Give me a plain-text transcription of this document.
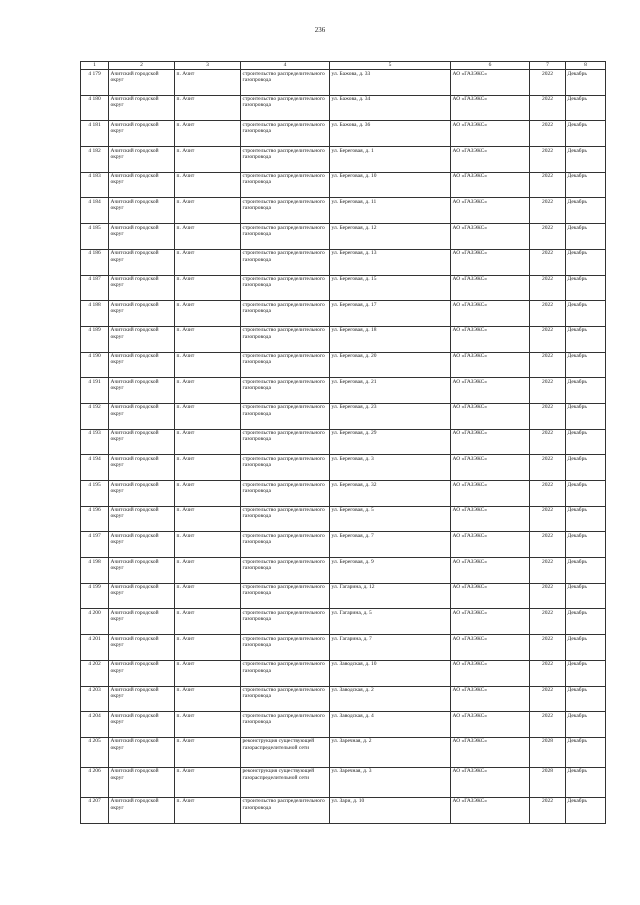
236
1	2	3	4	5	6	7	8
4 179	Ачитский городской округ	п. Ачит	строительство распределительного газопровода	ул. Бажова, д. 33	АО «ГАЗЭКС»	2022	Декабрь
4 180	Ачитский городской округ	п. Ачит	строительство распределительного газопровода	ул. Бажова, д. 34	АО «ГАЗЭКС»	2022	Декабрь
4 181	Ачитский городской округ	п. Ачит	строительство распределительного газопровода	ул. Бажова, д. 36	АО «ГАЗЭКС»	2022	Декабрь
4 182	Ачитский городской округ	п. Ачит	строительство распределительного газопровода	ул. Береговая, д. 1	АО «ГАЗЭКС»	2022	Декабрь
4 183	Ачитский городской округ	п. Ачит	строительство распределительного газопровода	ул. Береговая, д. 10	АО «ГАЗЭКС»	2022	Декабрь
4 184	Ачитский городской округ	п. Ачит	строительство распределительного газопровода	ул. Береговая, д. 11	АО «ГАЗЭКС»	2022	Декабрь
4 185	Ачитский городской округ	п. Ачит	строительство распределительного газопровода	ул. Береговая, д. 12	АО «ГАЗЭКС»	2022	Декабрь
4 186	Ачитский городской округ	п. Ачит	строительство распределительного газопровода	ул. Береговая, д. 13	АО «ГАЗЭКС»	2022	Декабрь
4 187	Ачитский городской округ	п. Ачит	строительство распределительного газопровода	ул. Береговая, д. 15	АО «ГАЗЭКС»	2022	Декабрь
4 188	Ачитский городской округ	п. Ачит	строительство распределительного газопровода	ул. Береговая, д. 17	АО «ГАЗЭКС»	2022	Декабрь
4 189	Ачитский городской округ	п. Ачит	строительство распределительного газопровода	ул. Береговая, д. 18	АО «ГАЗЭКС»	2022	Декабрь
4 190	Ачитский городской округ	п. Ачит	строительство распределительного газопровода	ул. Береговая, д. 20	АО «ГАЗЭКС»	2022	Декабрь
4 191	Ачитский городской округ	п. Ачит	строительство распределительного газопровода	ул. Береговая, д. 21	АО «ГАЗЭКС»	2022	Декабрь
4 192	Ачитский городской округ	п. Ачит	строительство распределительного газопровода	ул. Береговая, д. 23	АО «ГАЗЭКС»	2022	Декабрь
4 193	Ачитский городской округ	п. Ачит	строительство распределительного газопровода	ул. Береговая, д. 29	АО «ГАЗЭКС»	2022	Декабрь
4 194	Ачитский городской округ	п. Ачит	строительство распределительного газопровода	ул. Береговая, д. 3	АО «ГАЗЭКС»	2022	Декабрь
4 195	Ачитский городской округ	п. Ачит	строительство распределительного газопровода	ул. Береговая, д. 32	АО «ГАЗЭКС»	2022	Декабрь
4 196	Ачитский городской округ	п. Ачит	строительство распределительного газопровода	ул. Береговая, д. 5	АО «ГАЗЭКС»	2022	Декабрь
4 197	Ачитский городской округ	п. Ачит	строительство распределительного газопровода	ул. Береговая, д. 7	АО «ГАЗЭКС»	2022	Декабрь
4 198	Ачитский городской округ	п. Ачит	строительство распределительного газопровода	ул. Береговая, д. 9	АО «ГАЗЭКС»	2022	Декабрь
4 199	Ачитский городской округ	п. Ачит	строительство распределительного газопровода	ул. Гагарина, д. 12	АО «ГАЗЭКС»	2022	Декабрь
4 200	Ачитский городской округ	п. Ачит	строительство распределительного газопровода	ул. Гагарина, д. 5	АО «ГАЗЭКС»	2022	Декабрь
4 201	Ачитский городской округ	п. Ачит	строительство распределительного газопровода	ул. Гагарина, д. 7	АО «ГАЗЭКС»	2022	Декабрь
4 202	Ачитский городской округ	п. Ачит	строительство распределительного газопровода	ул. Заводская, д. 10	АО «ГАЗЭКС»	2022	Декабрь
4 203	Ачитский городской округ	п. Ачит	строительство распределительного газопровода	ул. Заводская, д. 2	АО «ГАЗЭКС»	2022	Декабрь
4 204	Ачитский городской округ	п. Ачит	строительство распределительного газопровода	ул. Заводская, д. 4	АО «ГАЗЭКС»	2022	Декабрь
4 205	Ачитский городской округ	п. Ачит	реконструкция существующей газораспределительной сети	ул. Заречная, д. 2	АО «ГАЗЭКС»	2028	Декабрь
4 206	Ачитский городской округ	п. Ачит	реконструкция существующей газораспределительной сети	ул. Заречная, д. 3	АО «ГАЗЭКС»	2028	Декабрь
4 207	Ачитский городской округ	п. Ачит	строительство распределительного газопровода	ул. Зари, д. 10	АО «ГАЗЭКС»	2022	Декабрь
